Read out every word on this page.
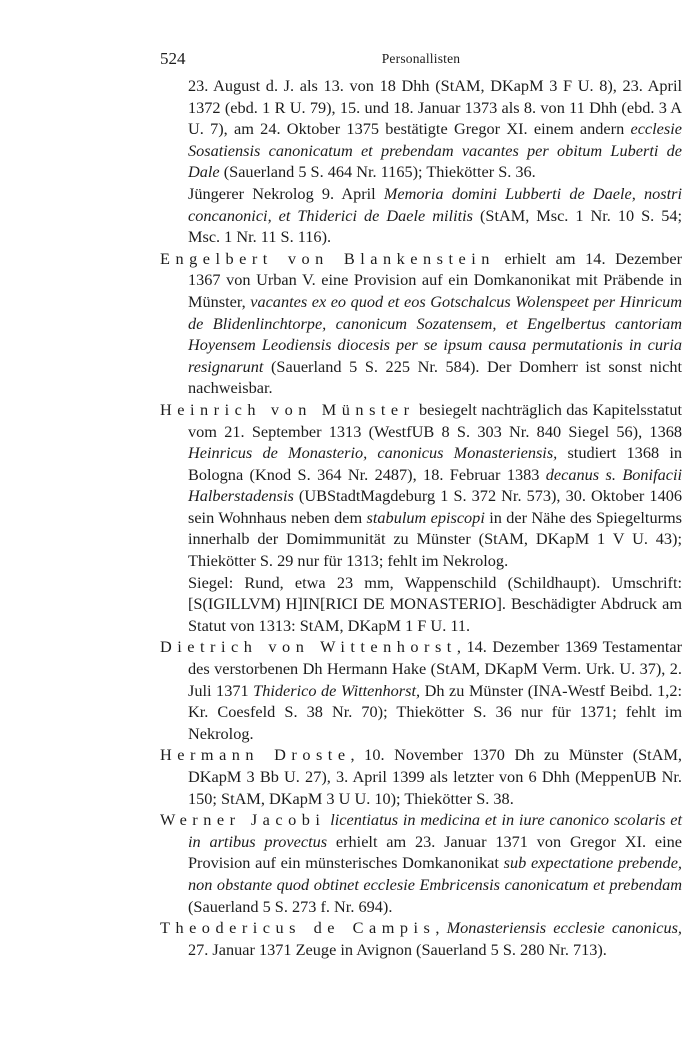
524	Personallisten

23. August d. J. als 13. von 18 Dhh (StAM, DKapM 3 F U. 8), 23. April 1372 (ebd. 1 R U. 79), 15. und 18. Januar 1373 als 8. von 11 Dhh (ebd. 3 A U. 7), am 24. Oktober 1375 bestätigte Gregor XI. einem andern ecclesie Sosatiensis canonicatum et prebendam vacantes per obitum Luberti de Dale (Sauerland 5 S. 464 Nr. 1165); Thiekötter S. 36.

Jüngerer Nekrolog 9. April Memoria domini Lubberti de Daele, nostri concanonici, et Thiderici de Daele militis (StAM, Msc. 1 Nr. 10 S. 54; Msc. 1 Nr. 11 S. 116).

Engelbert von Blankenstein erhielt am 14. Dezember 1367 von Urban V. eine Provision auf ein Domkanonikat mit Präbende in Münster, vacantes ex eo quod et eos Gotschalcus Wolenspeet per Hinricum de Blidenlinchtorpe, canonicum Sozatensem, et Engelbertus cantoriam Hoyensem Leodiensis diocesis per se ipsum causa permutationis in curia resignarunt (Sauerland 5 S. 225 Nr. 584). Der Domherr ist sonst nicht nachweisbar.

Heinrich von Münster besiegelt nachträglich das Kapitelsstatut vom 21. September 1313 (WestfUB 8 S. 303 Nr. 840 Siegel 56), 1368 Heinricus de Monasterio, canonicus Monasteriensis, studiert 1368 in Bologna (Knod S. 364 Nr. 2487), 18. Februar 1383 decanus s. Bonifacii Halberstadensis (UBStadtMagdeburg 1 S. 372 Nr. 573), 30. Oktober 1406 sein Wohnhaus neben dem stabulum episcopi in der Nähe des Spiegelturms innerhalb der Domimmunität zu Münster (StAM, DKapM 1 V U. 43); Thiekötter S. 29 nur für 1313; fehlt im Nekrolog.

Siegel: Rund, etwa 23 mm, Wappenschild (Schildhaupt). Umschrift: [S(IGILLVM) H]IN[RICI DE MONASTERIO]. Beschädigter Abdruck am Statut von 1313: StAM, DKapM 1 F U. 11.

Dietrich von Wittenhorst, 14. Dezember 1369 Testamentar des verstorbenen Dh Hermann Hake (StAM, DKapM Verm. Urk. U. 37), 2. Juli 1371 Thiderico de Wittenhorst, Dh zu Münster (INA-Westf Beibd. 1,2: Kr. Coesfeld S. 38 Nr. 70); Thiekötter S. 36 nur für 1371; fehlt im Nekrolog.

Hermann Droste, 10. November 1370 Dh zu Münster (StAM, DKapM 3 Bb U. 27), 3. April 1399 als letzter von 6 Dhh (MeppenUB Nr. 150; StAM, DKapM 3 U U. 10); Thiekötter S. 38.

Werner Jacobi licentiatus in medicina et in iure canonico scolaris et in artibus provectus erhielt am 23. Januar 1371 von Gregor XI. eine Provision auf ein münsterisches Domkanonikat sub expectatione prebende, non obstante quod obtinet ecclesie Embricensis canonicatum et prebendam (Sauerland 5 S. 273 f. Nr. 694).

Theodericus de Campis, Monasteriensis ecclesie canonicus, 27. Januar 1371 Zeuge in Avignon (Sauerland 5 S. 280 Nr. 713).
